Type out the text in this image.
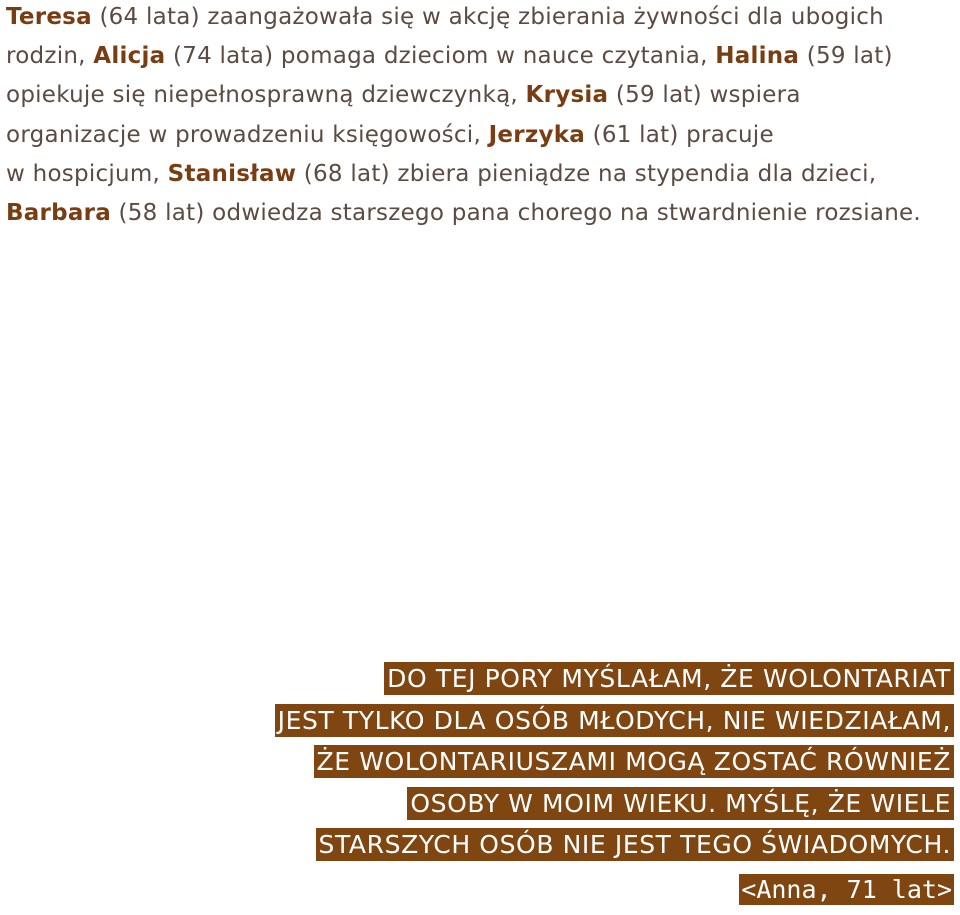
Teresa (64 lata) zaangażowała się w akcję zbierania żywności dla ubogich
rodzin, Alicja (74 lata) pomaga dzieciom w nauce czytania, Halina (59 lat)
opiekuje się niepełnosprawną dziewczynką, Krysia (59 lat) wspiera
organizacje w prowadzeniu księgowości, Jerzyka (61 lat) pracuje
w hospicjum, Stanisław (68 lat) zbiera pieniądze na stypendia dla dzieci,
Barbara (58 lat) odwiedza starszego pana chorego na stwardnienie rozsiane.

DO TEJ PORY MYŚLAŁAM, ŻE WOLONTARIAT
JEST TYLKO DLA OSÓB MŁODYCH, NIE WIEDZIAŁAM,
ŻE WOLONTARIUSZAMI MOGĄ ZOSTAĆ RÓWNIEŻ
OSOBY W MOIM WIEKU. MYŚLĘ, ŻE WIELE
STARSZYCH OSÓB NIE JEST TEGO ŚWIADOMYCH.
<Anna, 71 lat>
